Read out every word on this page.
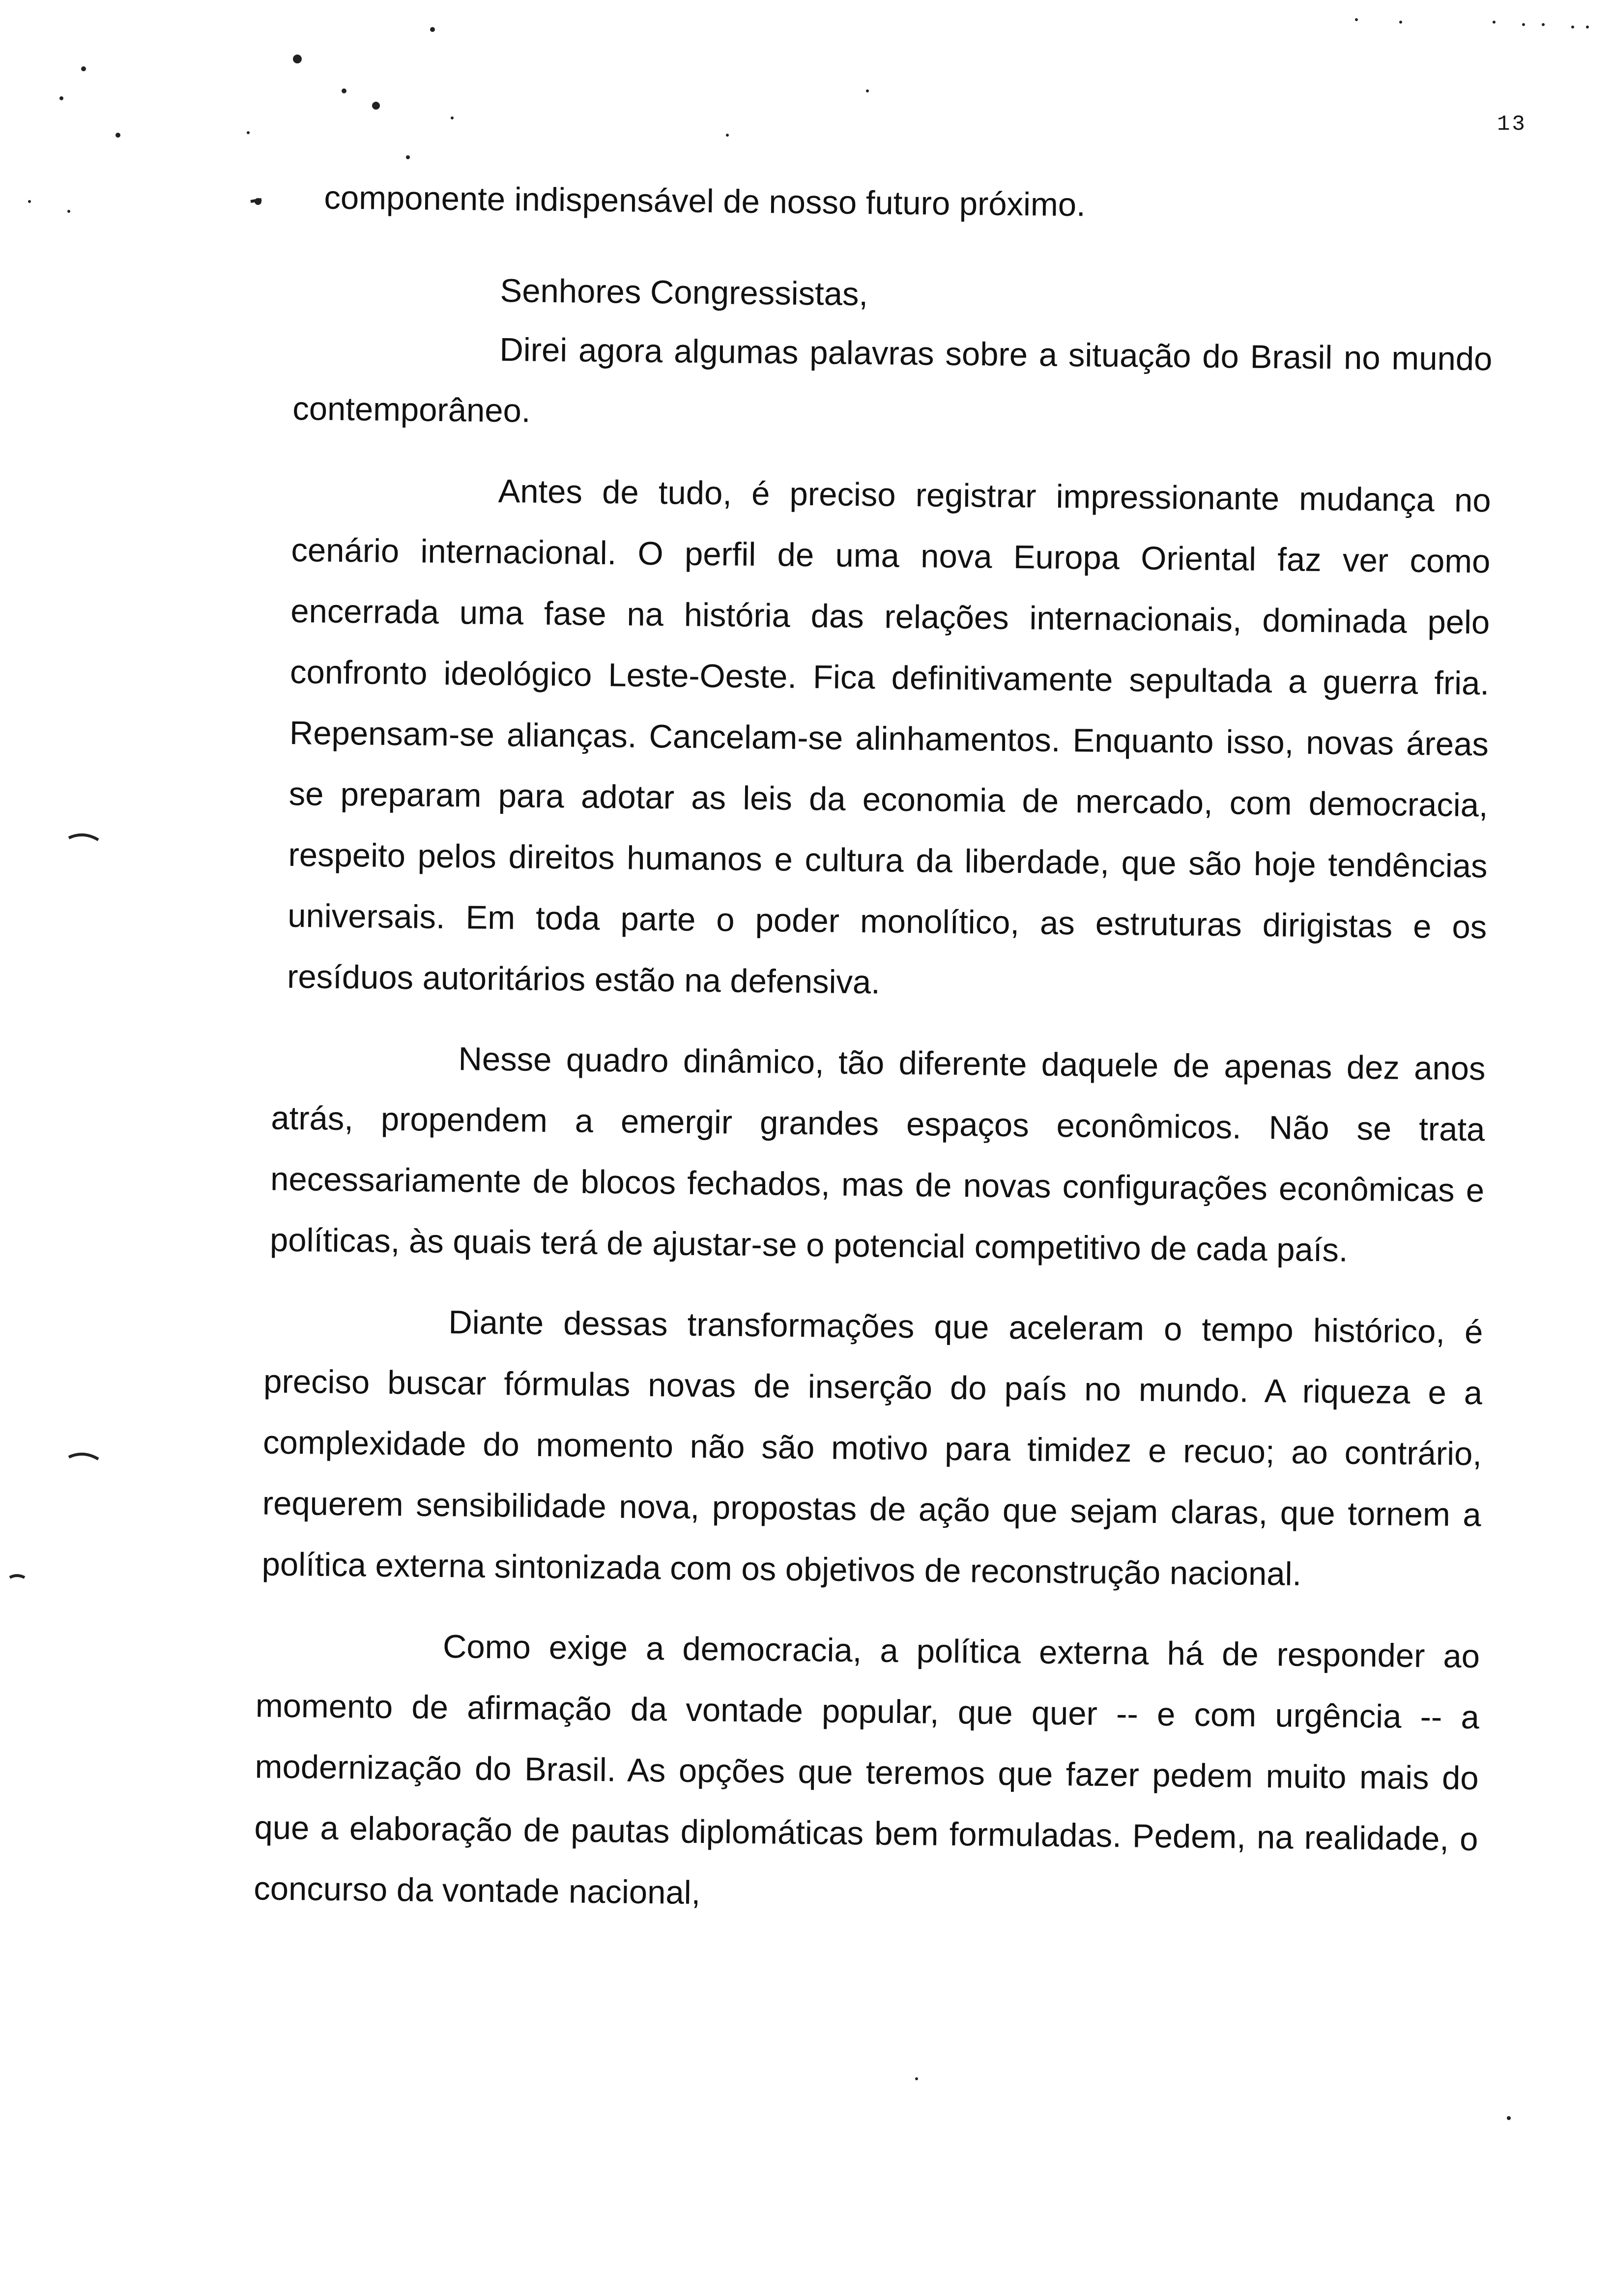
13

componente indispensável de nosso futuro próximo.

Senhores Congressistas,

Direi agora algumas palavras sobre a situação do Brasil no mundo contemporâneo.

Antes de tudo, é preciso registrar impressionante mudança no cenário internacional. O perfil de uma nova Europa Oriental faz ver como encerrada uma fase na história das relações internacionais, dominada pelo confronto ideológico Leste-Oeste. Fica definitivamente sepultada a guerra fria. Repensam-se alianças. Cancelam-se alinhamentos. Enquanto isso, novas áreas se preparam para adotar as leis da economia de mercado, com democracia, respeito pelos direitos humanos e cultura da liberdade, que são hoje tendências universais. Em toda parte o poder monolítico, as estruturas dirigistas e os resíduos autoritários estão na defensiva.

Nesse quadro dinâmico, tão diferente daquele de apenas dez anos atrás, propendem a emergir grandes espaços econômicos. Não se trata necessariamente de blocos fechados, mas de novas configurações econômicas e políticas, às quais terá de ajustar-se o potencial competitivo de cada país.

Diante dessas transformações que aceleram o tempo histórico, é preciso buscar fórmulas novas de inserção do país no mundo. A riqueza e a complexidade do momento não são motivo para timidez e recuo; ao contrário, requerem sensibilidade nova, propostas de ação que sejam claras, que tornem a política externa sintonizada com os objetivos de reconstrução nacional.

Como exige a democracia, a política externa há de responder ao momento de afirmação da vontade popular, que quer -- e com urgência -- a modernização do Brasil. As opções que teremos que fazer pedem muito mais do que a elaboração de pautas diplomáticas bem formuladas. Pedem, na realidade, o concurso da vontade nacional,
